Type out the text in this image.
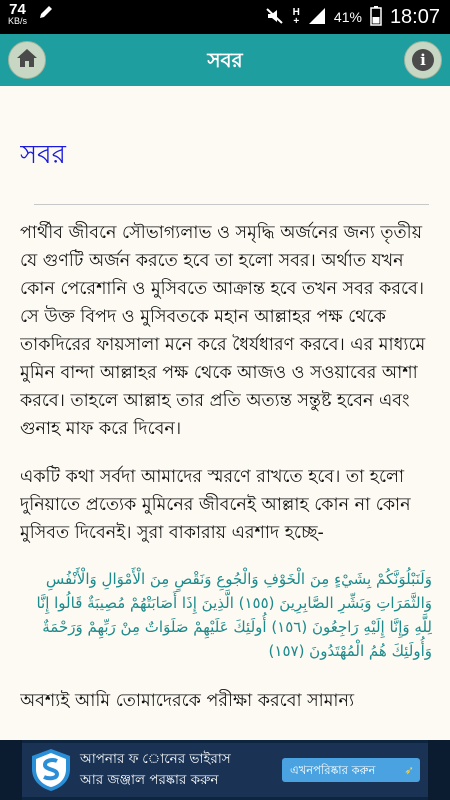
74
KB/s
H
+ 41% 18:07
সবর	i
সবর

পার্থীব জীবনে সৌভাগ্যলাভ ও সমৃদ্ধি অর্জনের জন্য তৃতীয় যে গুণটি অর্জন করতে হবে তা হলো সবর। অর্থাত যখন কোন পেরেশানি ও মুসিবতে আক্রান্ত হবে তখন সবর করবে। সে উক্ত বিপদ ও মুসিবতকে মহান আল্লাহর পক্ষ থেকে তাকদিরের ফায়সালা মনে করে ধৈর্যধারণ করবে। এর মাধ্যমে মুমিন বান্দা আল্লাহর পক্ষ থেকে আজও ও সওয়াবের আশা করবে। তাহলে আল্লাহ তার প্রতি অত্যন্ত সন্তুষ্ট হবেন এবং গুনাহ মাফ করে দিবেন।

একটি কথা সর্বদা আমাদের স্মরণে রাখতে হবে। তা হলো দুনিয়াতে প্রত্যেক মুমিনের জীবনেই আল্লাহ কোন না কোন মুসিবত দিবেনই। সুরা বাকারায় এরশাদ হচ্ছে-

وَلَنَبْلُوَنَّكُمْ بِشَيْءٍ مِنَ الْخَوْفِ وَالْجُوعِ وَنَقْصٍ مِنَ الْأَمْوَالِ وَالْأَنْفُسِ وَالثَّمَرَاتِ وَبَشِّرِ الصَّابِرِينَ (١٥٥) الَّذِينَ إِذَا أَصَابَتْهُمْ مُصِيبَةٌ قَالُوا إِنَّا لِلَّهِ وَإِنَّا إِلَيْهِ رَاجِعُونَ (١٥٦) أُولَئِكَ عَلَيْهِمْ صَلَوَاتٌ مِنْ رَبِّهِمْ وَرَحْمَةٌ وَأُولَئِكَ هُمُ الْمُهْتَدُونَ (١٥٧)

অবশ্যই আমি তোমাদেরকে পরীক্ষা করবো সামান্য

আপনার ফ োনের ভাইরাস
আর জঞ্জাল পরষ্কার করুন
এখনপরিষ্কার করুন	➶
